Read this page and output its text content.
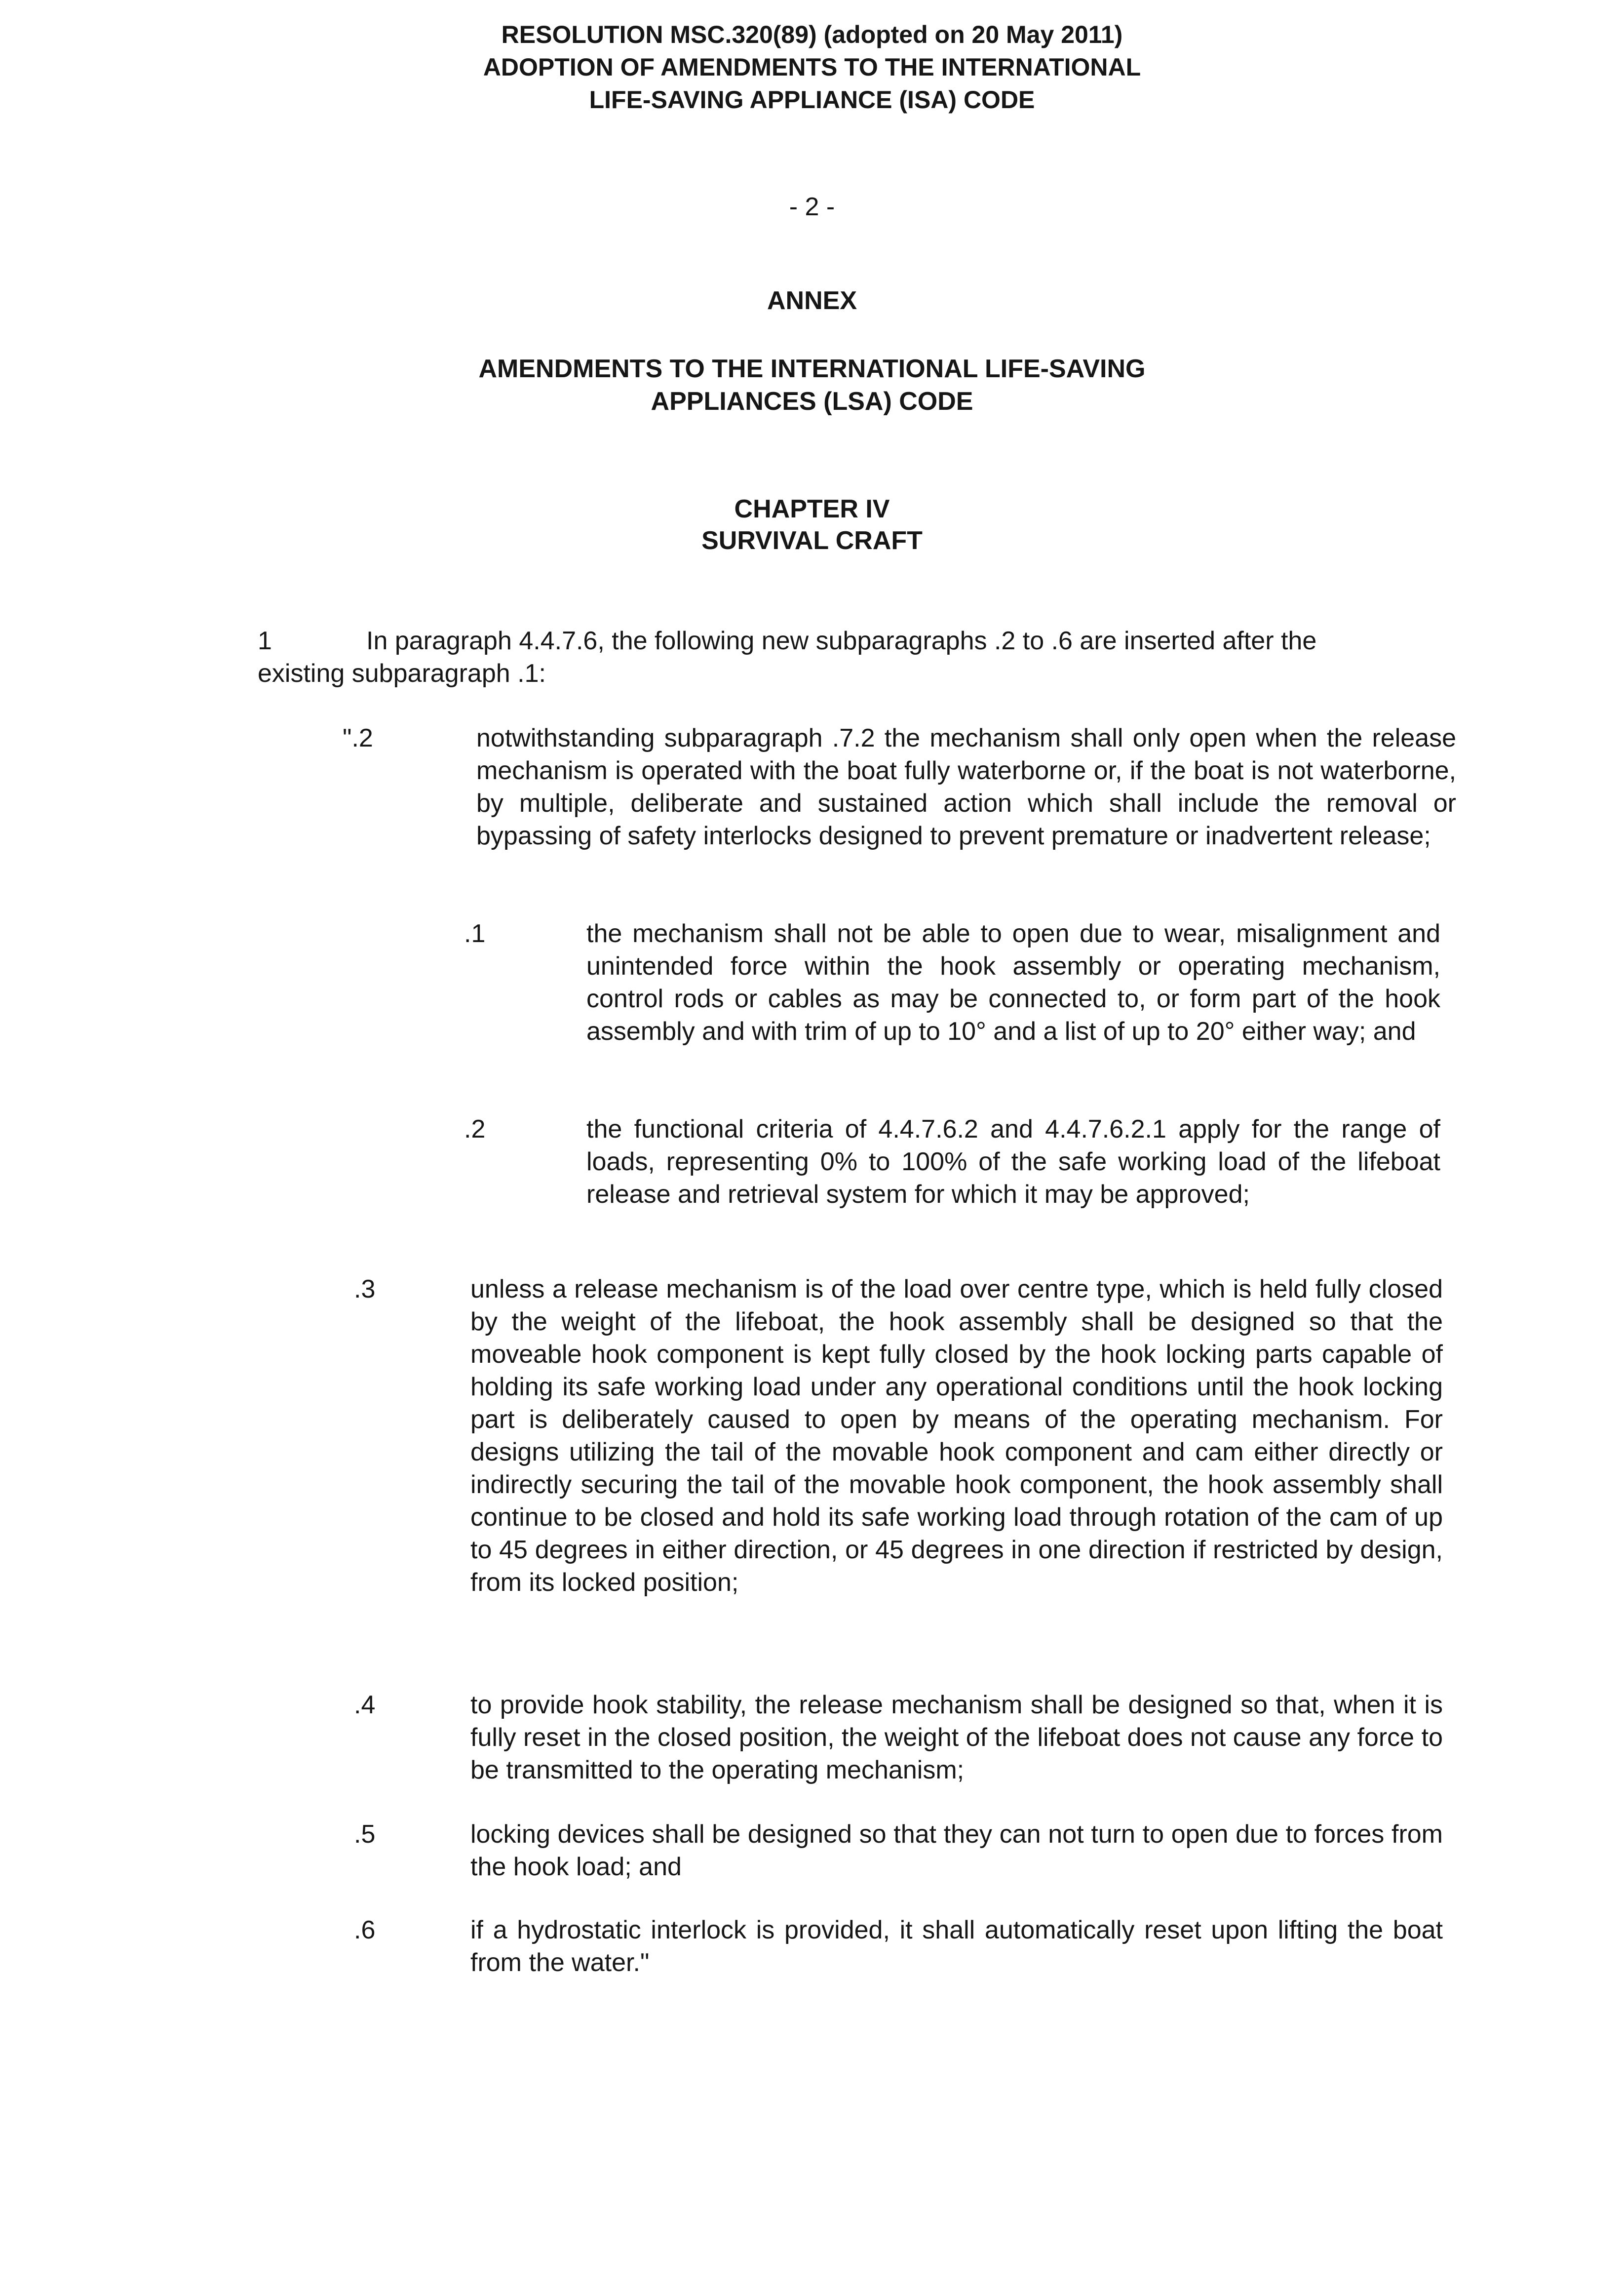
RESOLUTION MSC.320(89) (adopted on 20 May 2011)
ADOPTION OF AMENDMENTS TO THE INTERNATIONAL
LIFE-SAVING APPLIANCE (ISA) CODE
- 2 -
ANNEX
AMENDMENTS TO THE INTERNATIONAL LIFE-SAVING
APPLIANCES (LSA) CODE
CHAPTER IV
SURVIVAL CRAFT
1	In paragraph 4.4.7.6, the following new subparagraphs .2 to .6 are inserted after the
existing subparagraph .1:
".2	notwithstanding subparagraph .7.2 the mechanism shall only open when the release mechanism is operated with the boat fully waterborne or, if the boat is not waterborne, by multiple, deliberate and sustained action which shall include the removal or bypassing of safety interlocks designed to prevent premature or inadvertent release;
.1	the mechanism shall not be able to open due to wear, misalignment and unintended force within the hook assembly or operating mechanism, control rods or cables as may be connected to, or form part of the hook assembly and with trim of up to 10° and a list of up to 20° either way; and
.2	the functional criteria of 4.4.7.6.2 and 4.4.7.6.2.1 apply for the range of loads, representing 0% to 100% of the safe working load of the lifeboat release and retrieval system for which it may be approved;
.3	unless a release mechanism is of the load over centre type, which is held fully closed by the weight of the lifeboat, the hook assembly shall be designed so that the moveable hook component is kept fully closed by the hook locking parts capable of holding its safe working load under any operational conditions until the hook locking part is deliberately caused to open by means of the operating mechanism. For designs utilizing the tail of the movable hook component and cam either directly or indirectly securing the tail of the movable hook component, the hook assembly shall continue to be closed and hold its safe working load through rotation of the cam of up to 45 degrees in either direction, or 45 degrees in one direction if restricted by design, from its locked position;
.4	to provide hook stability, the release mechanism shall be designed so that, when it is fully reset in the closed position, the weight of the lifeboat does not cause any force to be transmitted to the operating mechanism;
.5	locking devices shall be designed so that they can not turn to open due to forces from the hook load; and
.6	if a hydrostatic interlock is provided, it shall automatically reset upon lifting the boat from the water."
